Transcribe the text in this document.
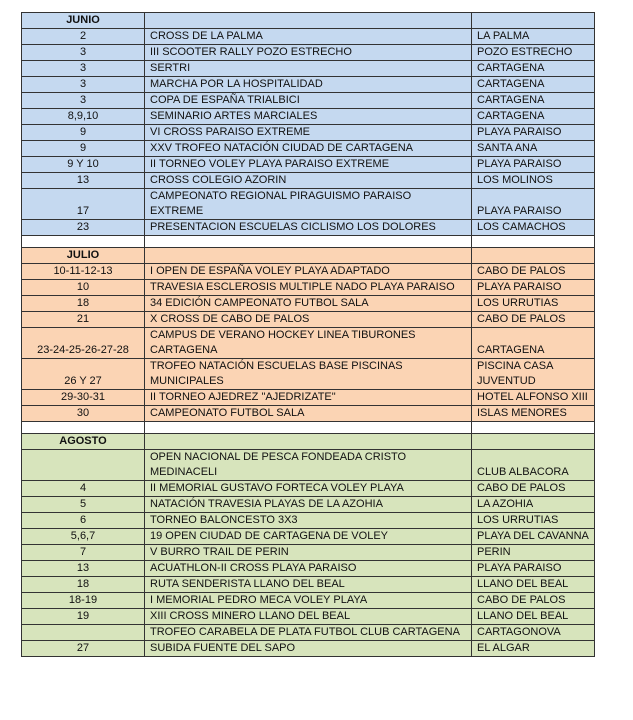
JUNIO		
2	CROSS DE LA PALMA	LA PALMA
3	III SCOOTER RALLY POZO ESTRECHO	POZO ESTRECHO
3	SERTRI	CARTAGENA
3	MARCHA POR LA HOSPITALIDAD	CARTAGENA
3	COPA DE ESPAÑA TRIALBICI	CARTAGENA
8,9,10	SEMINARIO ARTES MARCIALES	CARTAGENA
9	VI CROSS PARAISO EXTREME	PLAYA PARAISO
9	XXV TROFEO NATACIÓN CIUDAD DE CARTAGENA	SANTA ANA
9 Y 10	II TORNEO VOLEY PLAYA PARAISO EXTREME	PLAYA PARAISO
13	CROSS COLEGIO AZORIN	LOS MOLINOS
17	CAMPEONATO REGIONAL PIRAGUISMO PARAISO EXTREME	PLAYA PARAISO
23	PRESENTACION ESCUELAS CICLISMO LOS DOLORES	LOS CAMACHOS

JULIO		
10-11-12-13	I OPEN DE ESPAÑA VOLEY PLAYA ADAPTADO	CABO DE PALOS
10	TRAVESIA ESCLEROSIS MULTIPLE NADO PLAYA PARAISO	PLAYA PARAISO
18	34 EDICIÓN CAMPEONATO FUTBOL SALA	LOS URRUTIAS
21	X CROSS DE CABO DE PALOS	CABO DE PALOS
23-24-25-26-27-28	CAMPUS DE VERANO HOCKEY LINEA TIBURONES CARTAGENA	CARTAGENA
26 Y 27	TROFEO NATACIÓN ESCUELAS BASE PISCINAS MUNICIPALES	PISCINA CASA JUVENTUD
29-30-31	II TORNEO AJEDREZ "AJEDRIZATE"	HOTEL ALFONSO XIII
30	CAMPEONATO FUTBOL SALA	ISLAS MENORES

AGOSTO		
	OPEN NACIONAL DE PESCA FONDEADA CRISTO MEDINACELI	CLUB ALBACORA
4	II MEMORIAL GUSTAVO FORTECA VOLEY PLAYA	CABO DE PALOS
5	NATACIÓN TRAVESIA PLAYAS DE LA AZOHIA	LA AZOHIA
6	TORNEO BALONCESTO 3X3	LOS URRUTIAS
5,6,7	19 OPEN CIUDAD DE CARTAGENA DE VOLEY	PLAYA DEL CAVANNA
7	V BURRO TRAIL DE PERIN	PERIN
13	ACUATHLON-II CROSS PLAYA PARAISO	PLAYA PARAISO
18	RUTA SENDERISTA LLANO DEL BEAL	LLANO DEL BEAL
18-19	I MEMORIAL PEDRO MECA VOLEY PLAYA	CABO DE PALOS
19	XIII CROSS MINERO LLANO DEL BEAL	LLANO DEL BEAL
	TROFEO CARABELA DE PLATA FUTBOL CLUB CARTAGENA	CARTAGONOVA
27	SUBIDA FUENTE DEL SAPO	EL ALGAR
